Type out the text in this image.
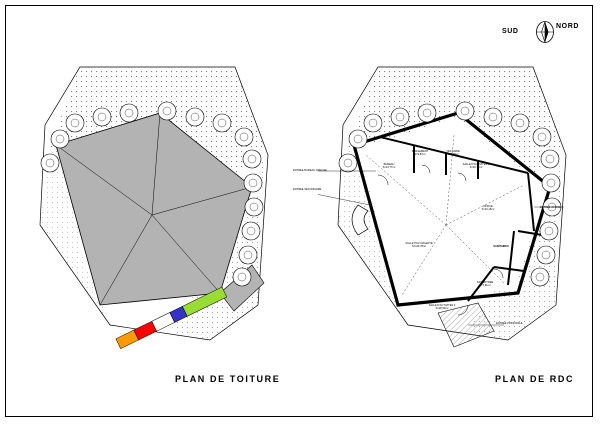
SUD
NORD
PLAN DE TOITURE
SALLE POLYVALENTE
S=113,78m²
SALLE D'ACTIVITES 1
S=30,12m²
SALLE D'ACTIVITES 2
S=28,50m²
BUREAU
S=13,77m²
RANGEMENT
S=9,87m²
VESTIAIRE
S=9,15m²
OFFICE
S=10,16m²
SANITAIRES
SAS ENTREE
S=7,91m²
ENTREE BUREAU CRECHE
ENTREE SECONDAIRE
ENTREE OFFICE
ENTREE PRINCIPALE
PLAN DE RDC
